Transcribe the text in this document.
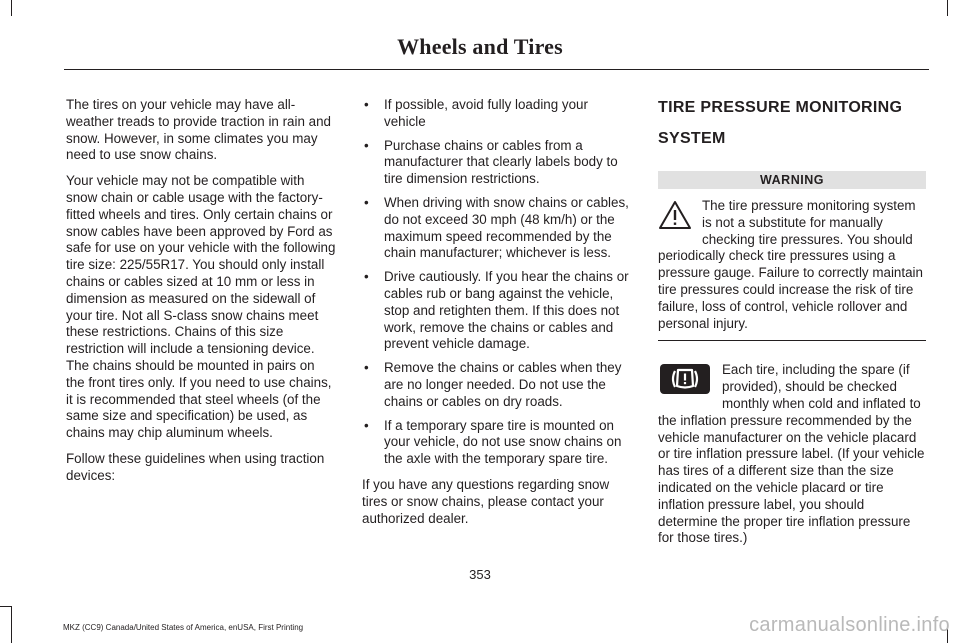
Wheels and Tires

The tires on your vehicle may have all-weather treads to provide traction in rain and snow. However, in some climates you may need to use snow chains.

Your vehicle may not be compatible with snow chain or cable usage with the factory-fitted wheels and tires. Only certain chains or snow cables have been approved by Ford as safe for use on your vehicle with the following tire size: 225/55R17. You should only install chains or cables sized at 10 mm or less in dimension as measured on the sidewall of your tire. Not all S-class snow chains meet these restrictions. Chains of this size restriction will include a tensioning device. The chains should be mounted in pairs on the front tires only. If you need to use chains, it is recommended that steel wheels (of the same size and specification) be used, as chains may chip aluminum wheels.

Follow these guidelines when using traction devices:

• If possible, avoid fully loading your vehicle
• Purchase chains or cables from a manufacturer that clearly labels body to tire dimension restrictions.
• When driving with snow chains or cables, do not exceed 30 mph (48 km/h) or the maximum speed recommended by the chain manufacturer; whichever is less.
• Drive cautiously. If you hear the chains or cables rub or bang against the vehicle, stop and retighten them. If this does not work, remove the chains or cables and prevent vehicle damage.
• Remove the chains or cables when they are no longer needed. Do not use the chains or cables on dry roads.
• If a temporary spare tire is mounted on your vehicle, do not use snow chains on the axle with the temporary spare tire.

If you have any questions regarding snow tires or snow chains, please contact your authorized dealer.

TIRE PRESSURE MONITORING
SYSTEM
WARNING
The tire pressure monitoring system is not a substitute for manually checking tire pressures. You should periodically check tire pressures using a pressure gauge. Failure to correctly maintain tire pressures could increase the risk of tire failure, loss of control, vehicle rollover and personal injury.
Each tire, including the spare (if provided), should be checked monthly when cold and inflated to the inflation pressure recommended by the vehicle manufacturer on the vehicle placard or tire inflation pressure label. (If your vehicle has tires of a different size than the size indicated on the vehicle placard or tire inflation pressure label, you should determine the proper tire inflation pressure for those tires.)
353
MKZ (CC9) Canada/United States of America, enUSA, First Printing	carmanualsonline.info
